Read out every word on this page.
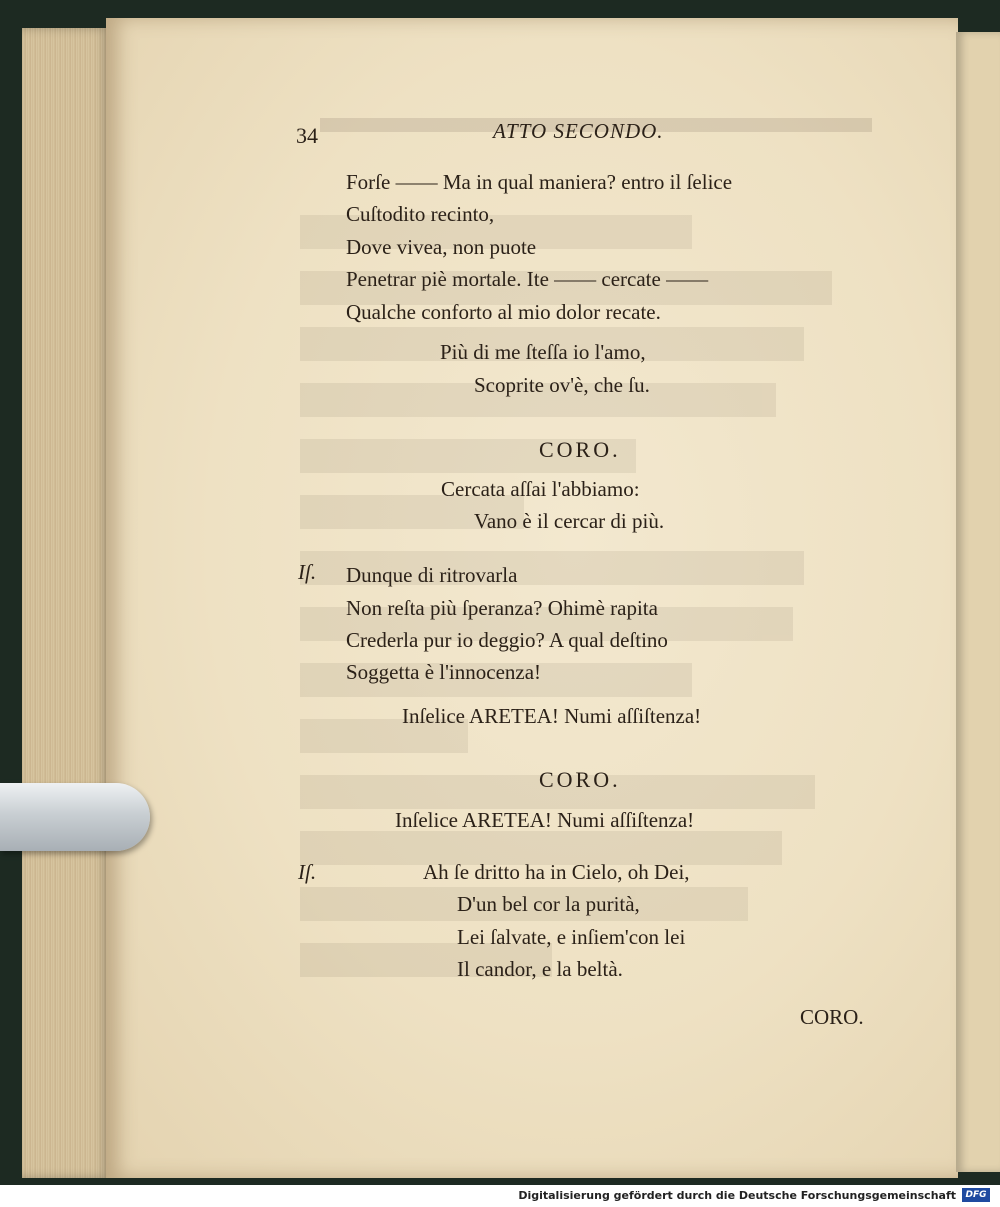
34	ATTO SECONDO.
Forſe —— Ma in qual maniera? entro il ſelice
Cuſtodito recinto,
Dove vivea, non puote
Penetrar piè mortale. Ite —— cercate ——
Qualche conforto al mio dolor recate.
Più di me ſteſſa io l'amo,
Scoprite ov'è, che ſu.
CORO.
Cercata aſſai l'abbiamo:
Vano è il cercar di più.
Iſ. Dunque di ritrovarla
Non reſta più ſperanza? Ohimè rapita
Crederla pur io deggio? A qual deſtino
Soggetta è l'innocenza!
Inſelice ARETEA! Numi aſſiſtenza!
CORO.
Inſelice ARETEA! Numi aſſiſtenza!
Iſ.	Ah ſe dritto ha in Cielo, oh Dei,
D'un bel cor la purità,
Lei ſalvate, e inſiem'con lei
Il candor, e la beltà.
CORO.
Digitalisierung gefördert durch die Deutsche Forschungsgemeinschaft	DFG
